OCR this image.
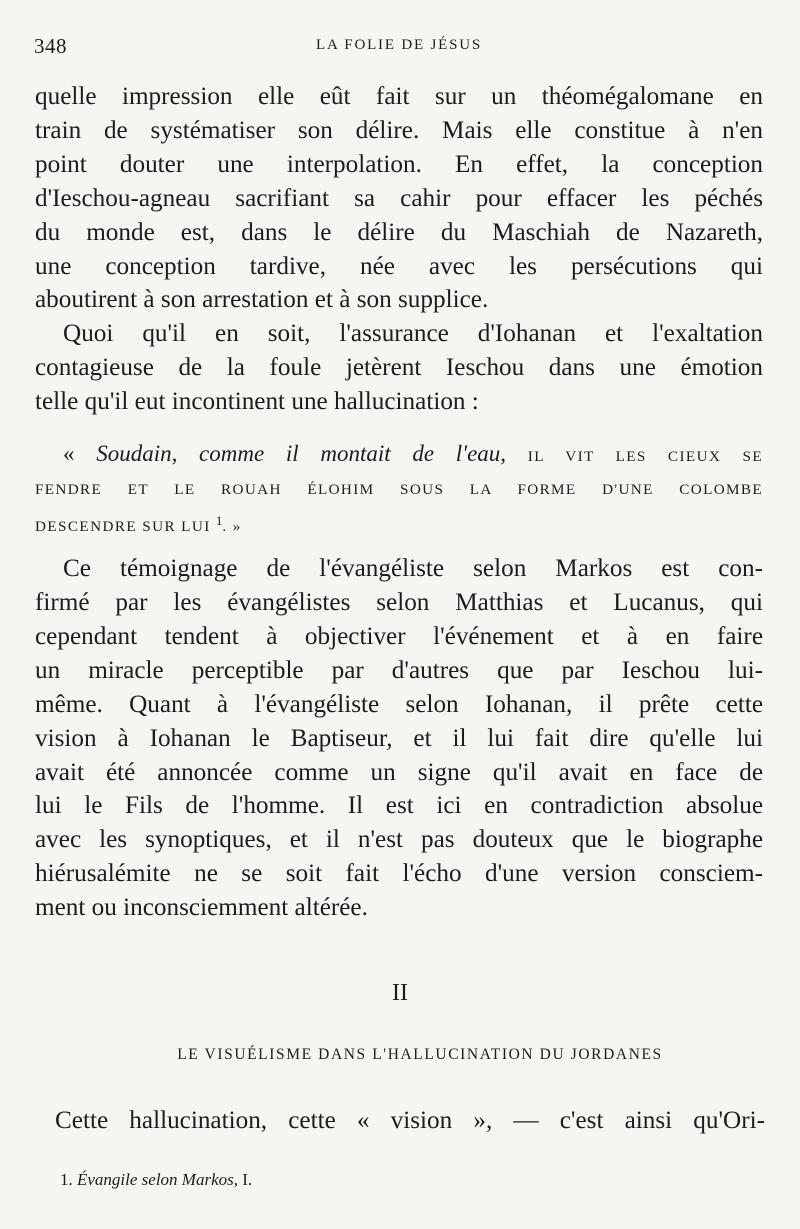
348	LA FOLIE DE JÉSUS

quelle impression elle eût fait sur un théomégalomane en
train de systématiser son délire. Mais elle constitue à n'en
point douter une interpolation. En effet, la conception
d'Ieschou-agneau sacrifiant sa cahir pour effacer les péchés
du monde est, dans le délire du Maschiah de Nazareth,
une conception tardive, née avec les persécutions qui
aboutirent à son arrestation et à son supplice.

Quoi qu'il en soit, l'assurance d'Iohanan et l'exaltation
contagieuse de la foule jetèrent Ieschou dans une émotion
telle qu'il eut incontinent une hallucination :

« Soudain, comme il montait de l'eau, IL VIT LES CIEUX SE
FENDRE ET LE ROUAH ÉLOHIM SOUS LA FORME D'UNE COLOMBE
DESCENDRE SUR LUI $^1$. »

Ce témoignage de l'évangéliste selon Markos est con-
firmé par les évangélistes selon Matthias et Lucanus, qui
cependant tendent à objectiver l'événement et à en faire
un miracle perceptible par d'autres que par Ieschou lui-
même. Quant à l'évangéliste selon Iohanan, il prête cette
vision à Iohanan le Baptiseur, et il lui fait dire qu'elle lui
avait été annoncée comme un signe qu'il avait en face de
lui le Fils de l'homme. Il est ici en contradiction absolue
avec les synoptiques, et il n'est pas douteux que le biographe
hiérusalémite ne se soit fait l'écho d'une version consciem-
ment ou inconsciemment altérée.

II
LE VISUÉLISME DANS L'HALLUCINATION DU JORDANES
Cette hallucination, cette « vision », — c'est ainsi qu'Ori-
1. Évangile selon Markos, I.
